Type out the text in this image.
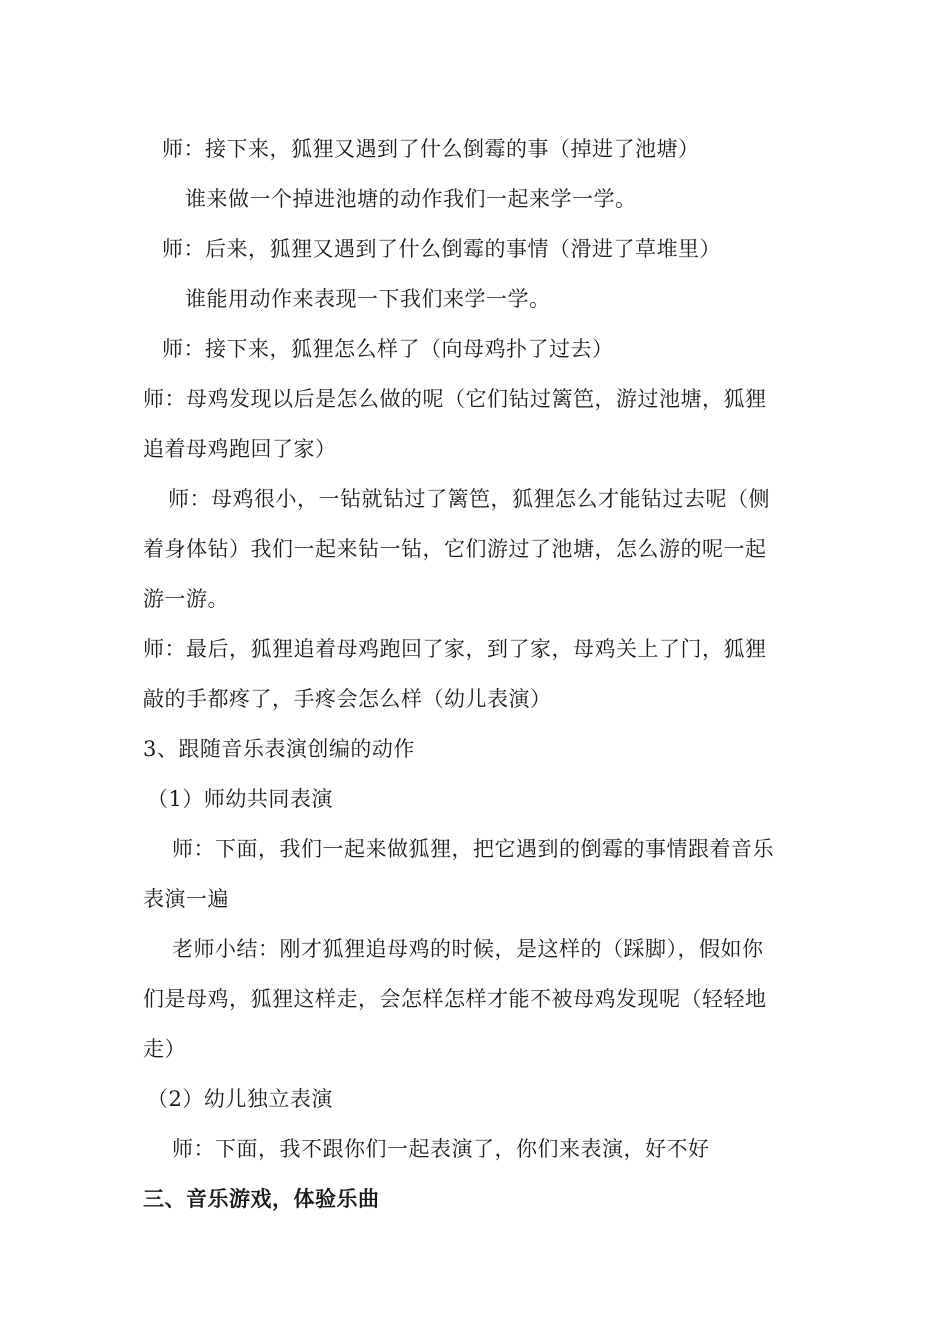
师：接下来，狐狸又遇到了什么倒霉的事（掉进了池塘）
谁来做一个掉进池塘的动作我们一起来学一学。
师：后来，狐狸又遇到了什么倒霉的事情（滑进了草堆里）
谁能用动作来表现一下我们来学一学。
师：接下来，狐狸怎么样了（向母鸡扑了过去）
师：母鸡发现以后是怎么做的呢（它们钻过篱笆，游过池塘，狐狸
追着母鸡跑回了家）
师：母鸡很小，一钻就钻过了篱笆，狐狸怎么才能钻过去呢（侧
着身体钻）我们一起来钻一钻，它们游过了池塘，怎么游的呢一起
游一游。
师：最后，狐狸追着母鸡跑回了家，到了家，母鸡关上了门，狐狸
敲的手都疼了，手疼会怎么样（幼儿表演）
3、跟随音乐表演创编的动作
（1）师幼共同表演
师：下面，我们一起来做狐狸，把它遇到的倒霉的事情跟着音乐
表演一遍
老师小结：刚才狐狸追母鸡的时候，是这样的（踩脚），假如你
们是母鸡，狐狸这样走，会怎样怎样才能不被母鸡发现呢（轻轻地
走）
（2）幼儿独立表演
师：下面，我不跟你们一起表演了，你们来表演，好不好
三、音乐游戏，体验乐曲
